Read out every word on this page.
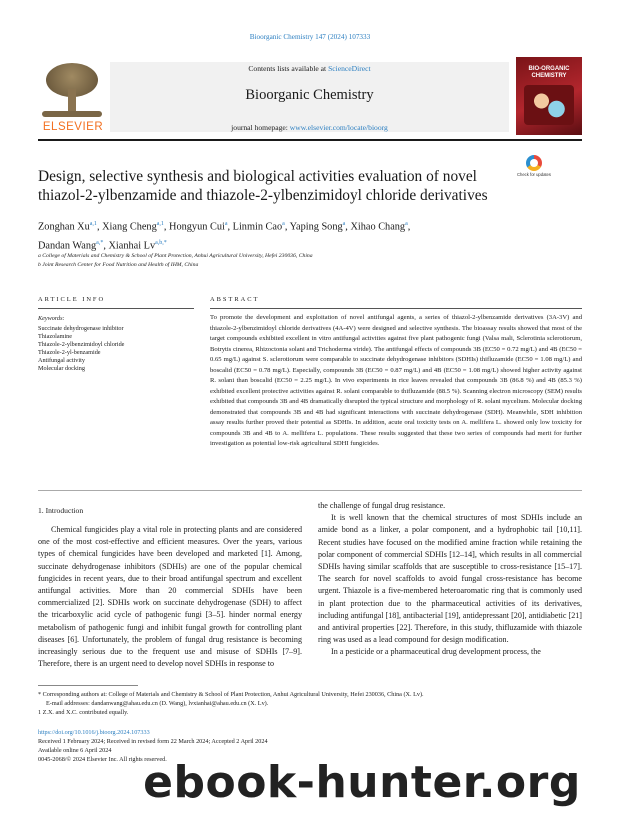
Bioorganic Chemistry 147 (2024) 107333
ELSEVIER
Contents lists available at ScienceDirect
Bioorganic Chemistry
journal homepage: www.elsevier.com/locate/bioorg
BIO-ORGANIC CHEMISTRY
Design, selective synthesis and biological activities evaluation of novel
thiazol-2-ylbenzamide and thiazole-2-ylbenzimidoyl chloride derivatives
Check for updates
Zonghan Xu$^{a,1}$, Xiang Cheng$^{a,1}$, Hongyun Cui$^a$, Linmin Cao$^a$, Yaping Song$^a$, Xihao Chang$^a$,
Dandan Wang$^{a,*}$, Xianhai $Lv^{a,b,*}$
a College of Materials and Chemistry & School of Plant Protection, Anhui Agricultural University, Hefei 230036, China
b Joint Research Center for Food Nutrition and Health of IHM, China
ARTICLE INFO	ABSTRACT
Keywords:
Succinate dehydrogenase inhibitor
Thiazolamine
Thiazole-2-ylbenzimidoyl chloride
Thiazole-2-yl-benzamide
Antifungal activity
Molecular docking
To promote the development and exploitation of novel antifungal agents, a series of thiazol-2-ylbenzamide derivatives (3A-3V) and thiazole-2-ylbenzimidoyl chloride derivatives (4A-4V) were designed and selective synthesis. The bioassay results showed that most of the target compounds exhibited excellent in vitro antifungal activities against five plant pathogenic fungi (Valsa mali, Sclerotinia sclerotiorum, Botrytis cinerea, Rhizoctonia solani and Trichoderma viride). The antifungal effects of compounds 3B (EC50 = 0.72 mg/L) and 4B (EC50 = 0.65 mg/L) against S. sclerotiorum were comparable to succinate dehydrogenase inhibitors (SDHIs) thifluzamide (EC50 = 1.08 mg/L) and boscalid (EC50 = 0.78 mg/L). Especially, compounds 3B (EC50 = 0.87 mg/L) and 4B (EC50 = 1.08 mg/L) showed higher activity against R. solani than boscalid (EC50 = 2.25 mg/L). In vivo experiments in rice leaves revealed that compounds 3B (86.8 %) and 4B (85.3 %) exhibited excellent protective activities against R. solani comparable to thifluzamide (88.5 %). Scanning electron microscopy (SEM) results exhibited that compounds 3B and 4B dramatically disrupted the typical structure and morphology of R. solani mycelium. Molecular docking demonstrated that compounds 3B and 4B had significant interactions with succinate dehydrogenase (SDH). Meanwhile, SDH inhibition assay results further proved their potential as SDHIs. In addition, acute oral toxicity tests on A. mellifera L. showed only low toxicity for compounds 3B and 4B to A. mellifera L. populations. These results suggested that these two series of compounds had merit for further investigation as potential low-risk agricultural SDHI fungicides.
1. Introduction

Chemical fungicides play a vital role in protecting plants and are considered one of the most cost-effective and efficient measures. Over the years, various types of chemical fungicides have been developed and marketed [1]. Among, succinate dehydrogenase inhibitors (SDHIs) are one of the popular chemical fungicides in recent years, due to their broad antifungal spectrum and excellent antifungal activities. More than 20 commercial SDHIs have been commercialized [2]. SDHIs work on succinate dehydrogenase (SDH) to affect the tricarboxylic acid cycle of pathogenic fungi [3–5]. hinder normal energy metabolism of pathogenic fungi and inhibit fungal growth for controlling plant diseases [6]. Unfortunately, the problem of fungal drug resistance is becoming increasingly serious due to the frequent use and misuse of SDHIs [7–9]. Therefore, there is an urgent need to develop novel SDHIs in response to

the challenge of fungal drug resistance.

It is well known that the chemical structures of most SDHIs include an amide bond as a linker, a polar component, and a hydrophobic tail [10,11]. Recent studies have focused on the modified amine fraction while retaining the polar component of commercial SDHIs [12–14], which results in all commercial SDHIs having similar scaffolds that are susceptible to cross-resistance [15–17]. The search for novel scaffolds to avoid fungal cross-resistance has become urgent. Thiazole is a five-membered heteroaromatic ring that is commonly used in plant protection due to the pharmaceutical activities of its derivatives, including antifungal [18], antibacterial [19], antidepressant [20], antidiabetic [21] and antiviral properties [22]. Therefore, in this study, thifluzamide with thiazole ring was used as a lead compound for design modification.

In a pesticide or a pharmaceutical drug development process, the

* Corresponding authors at: College of Materials and Chemistry & School of Plant Protection, Anhui Agricultural University, Hefei 230036, China (X. Lv).
E-mail addresses: dandanwang@ahau.edu.cn (D. Wang), lvxianhai@ahau.edu.cn (X. Lv).
1 Z.X. and X.C. contributed equally.
https://doi.org/10.1016/j.bioorg.2024.107333
Received 1 February 2024; Received in revised form 22 March 2024; Accepted 2 April 2024
Available online 6 April 2024
0045-2068/© 2024 Elsevier Inc. All rights reserved.
ebook-hunter.org
